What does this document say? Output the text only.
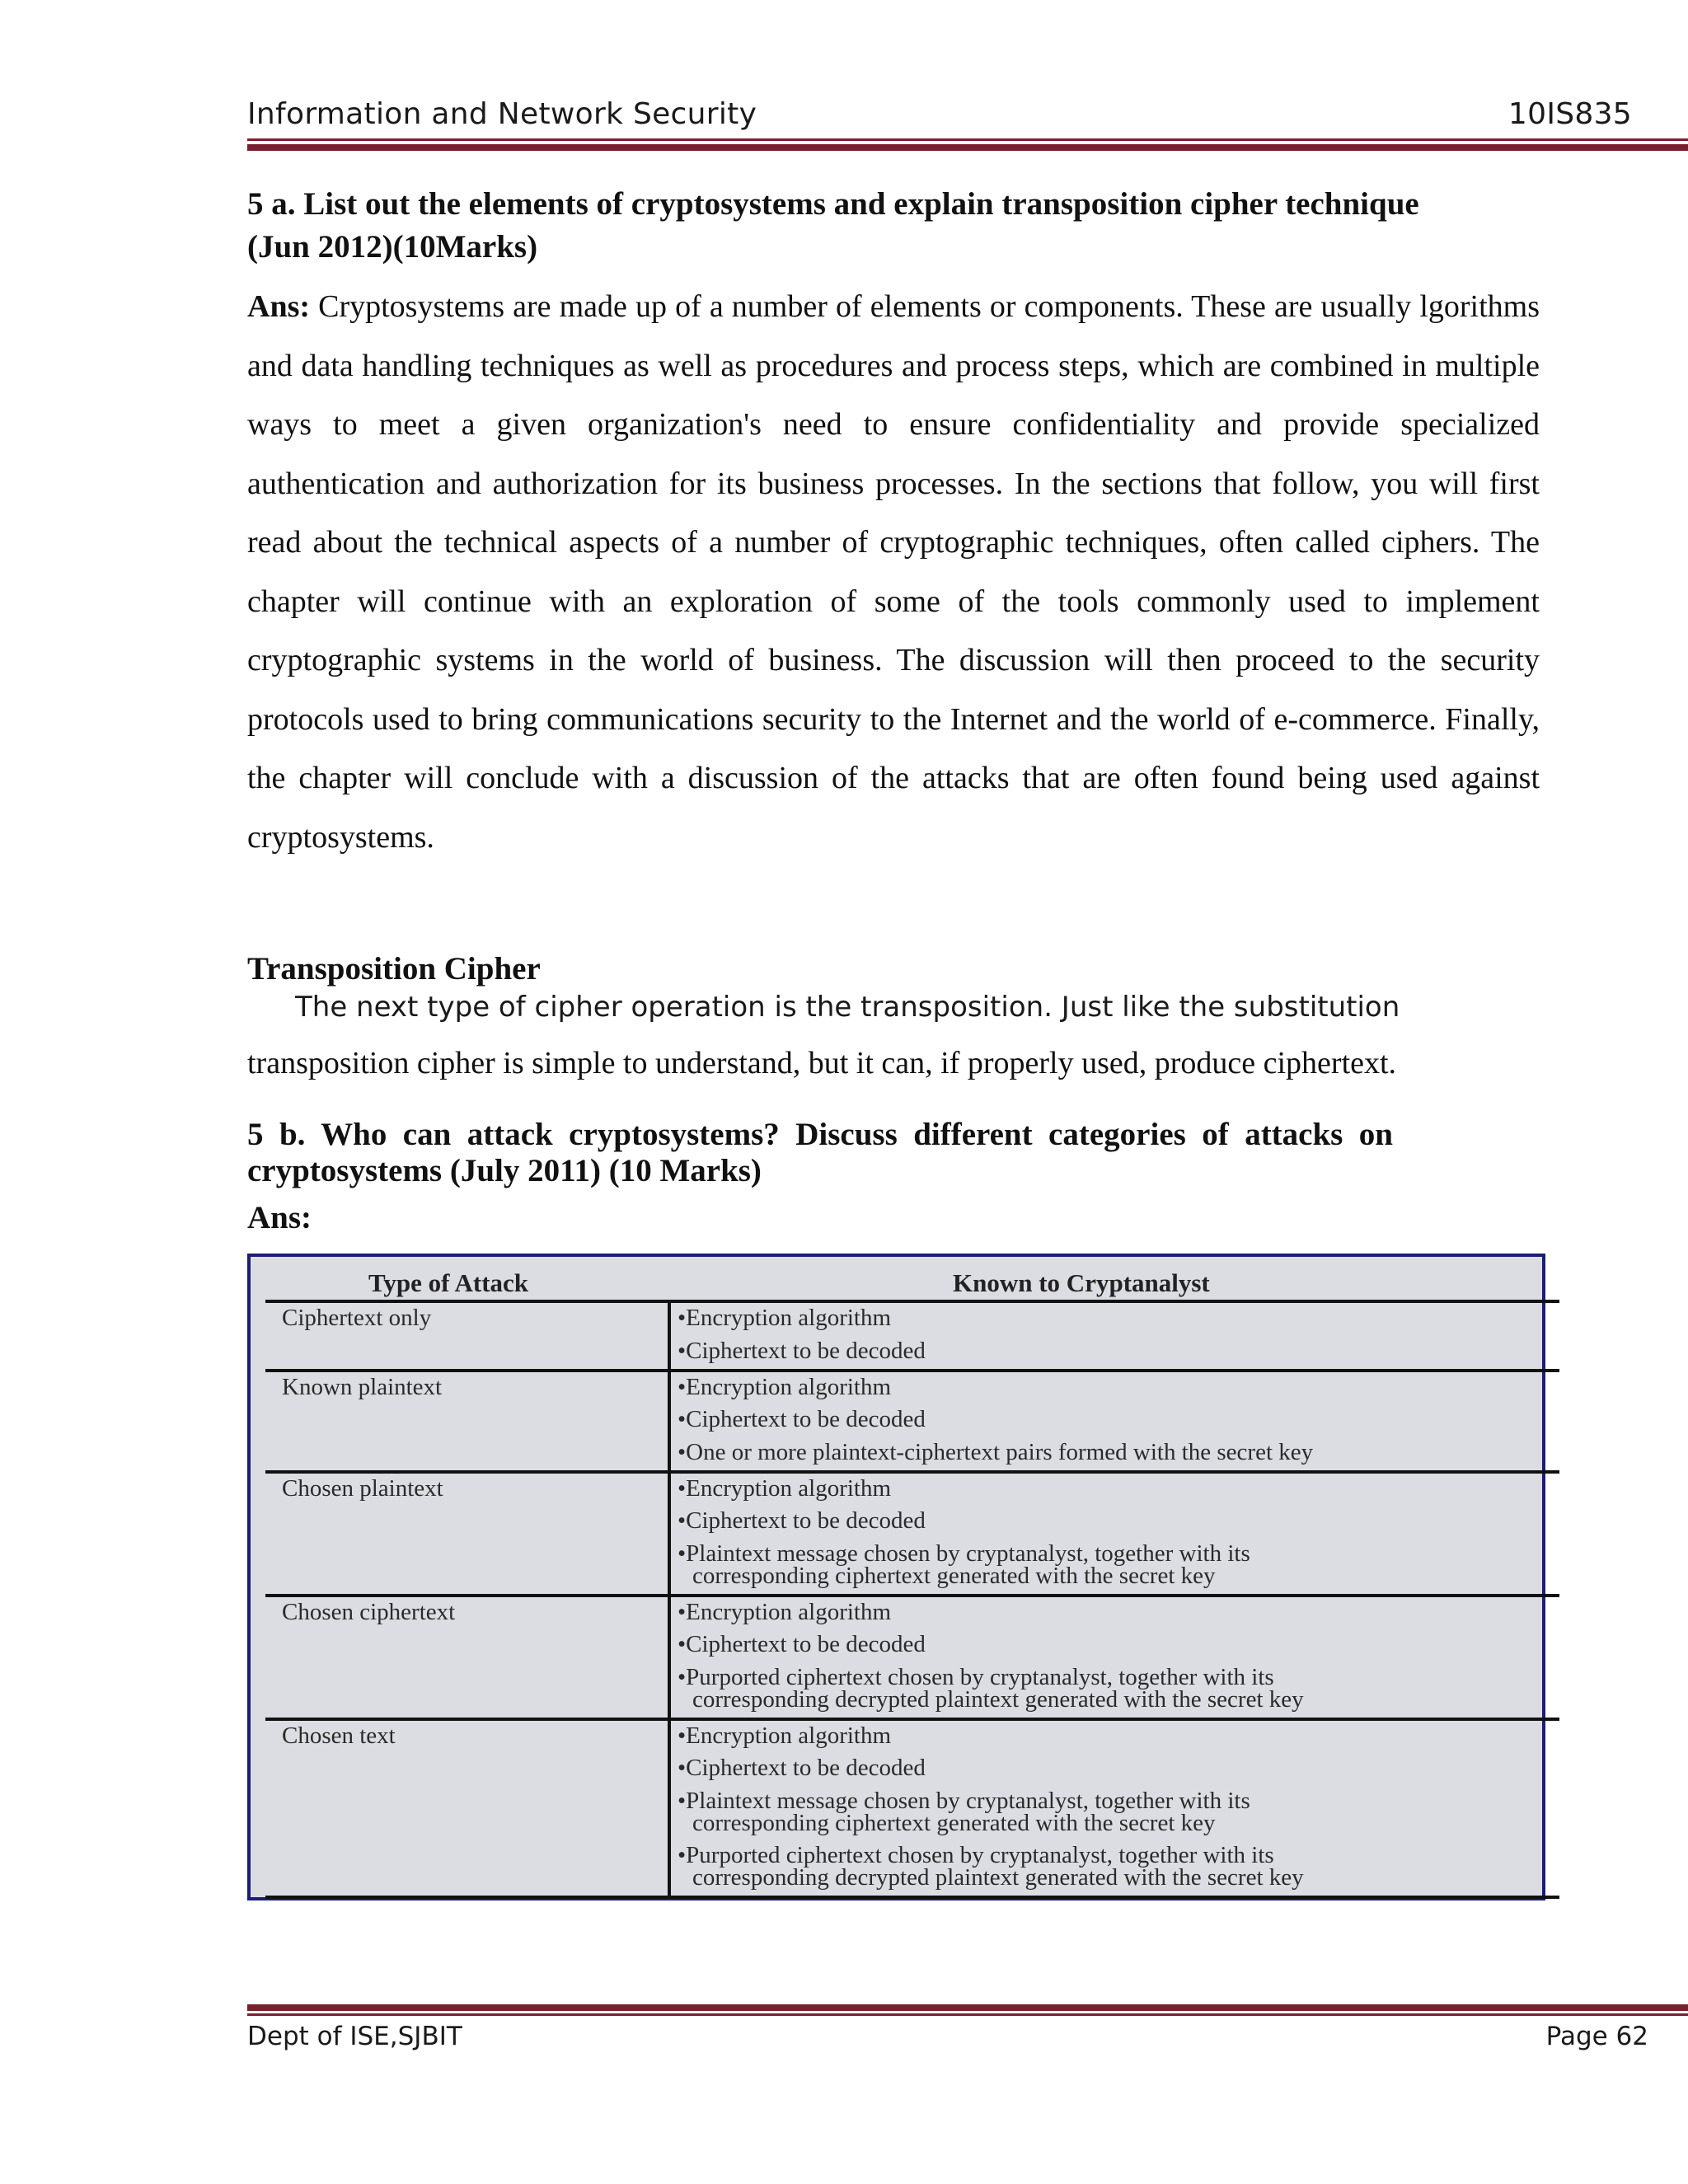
Information and Network Security	10IS835
5 a. List out the elements of cryptosystems and explain transposition cipher technique
(Jun 2012)(10Marks)
Ans: Cryptosystems are made up of a number of elements or components. These are usually lgorithms and data handling techniques as well as procedures and process steps, which are combined in multiple ways to meet a given organization's need to ensure confidentiality and provide specialized authentication and authorization for its business processes. In the sections that follow, you will first read about the technical aspects of a number of cryptographic techniques, often called ciphers. The chapter will continue with an exploration of some of the tools commonly used to implement cryptographic systems in the world of business. The discussion will then proceed to the security protocols used to bring communications security to the Internet and the world of e-commerce. Finally, the chapter will conclude with a discussion of the attacks that are often found being used against cryptosystems.
Transposition Cipher
The next type of cipher operation is the transposition. Just like the substitution
transposition cipher is simple to understand, but it can, if properly used, produce ciphertext.
5 b. Who can attack cryptosystems? Discuss different categories of attacks on cryptosystems (July 2011) (10 Marks)
Ans:
Type of Attack	Known to Cryptanalyst
Ciphertext only	•Encryption algorithm
•Ciphertext to be decoded
Known plaintext	•Encryption algorithm
•Ciphertext to be decoded
•One or more plaintext-ciphertext pairs formed with the secret key
Chosen plaintext	•Encryption algorithm
•Ciphertext to be decoded
•Plaintext message chosen by cryptanalyst, together with its
corresponding ciphertext generated with the secret key
Chosen ciphertext	•Encryption algorithm
•Ciphertext to be decoded
•Purported ciphertext chosen by cryptanalyst, together with its
corresponding decrypted plaintext generated with the secret key
Chosen text	•Encryption algorithm
•Ciphertext to be decoded
•Plaintext message chosen by cryptanalyst, together with its
corresponding ciphertext generated with the secret key
•Purported ciphertext chosen by cryptanalyst, together with its
corresponding decrypted plaintext generated with the secret key
Dept of ISE,SJBIT	Page 62
